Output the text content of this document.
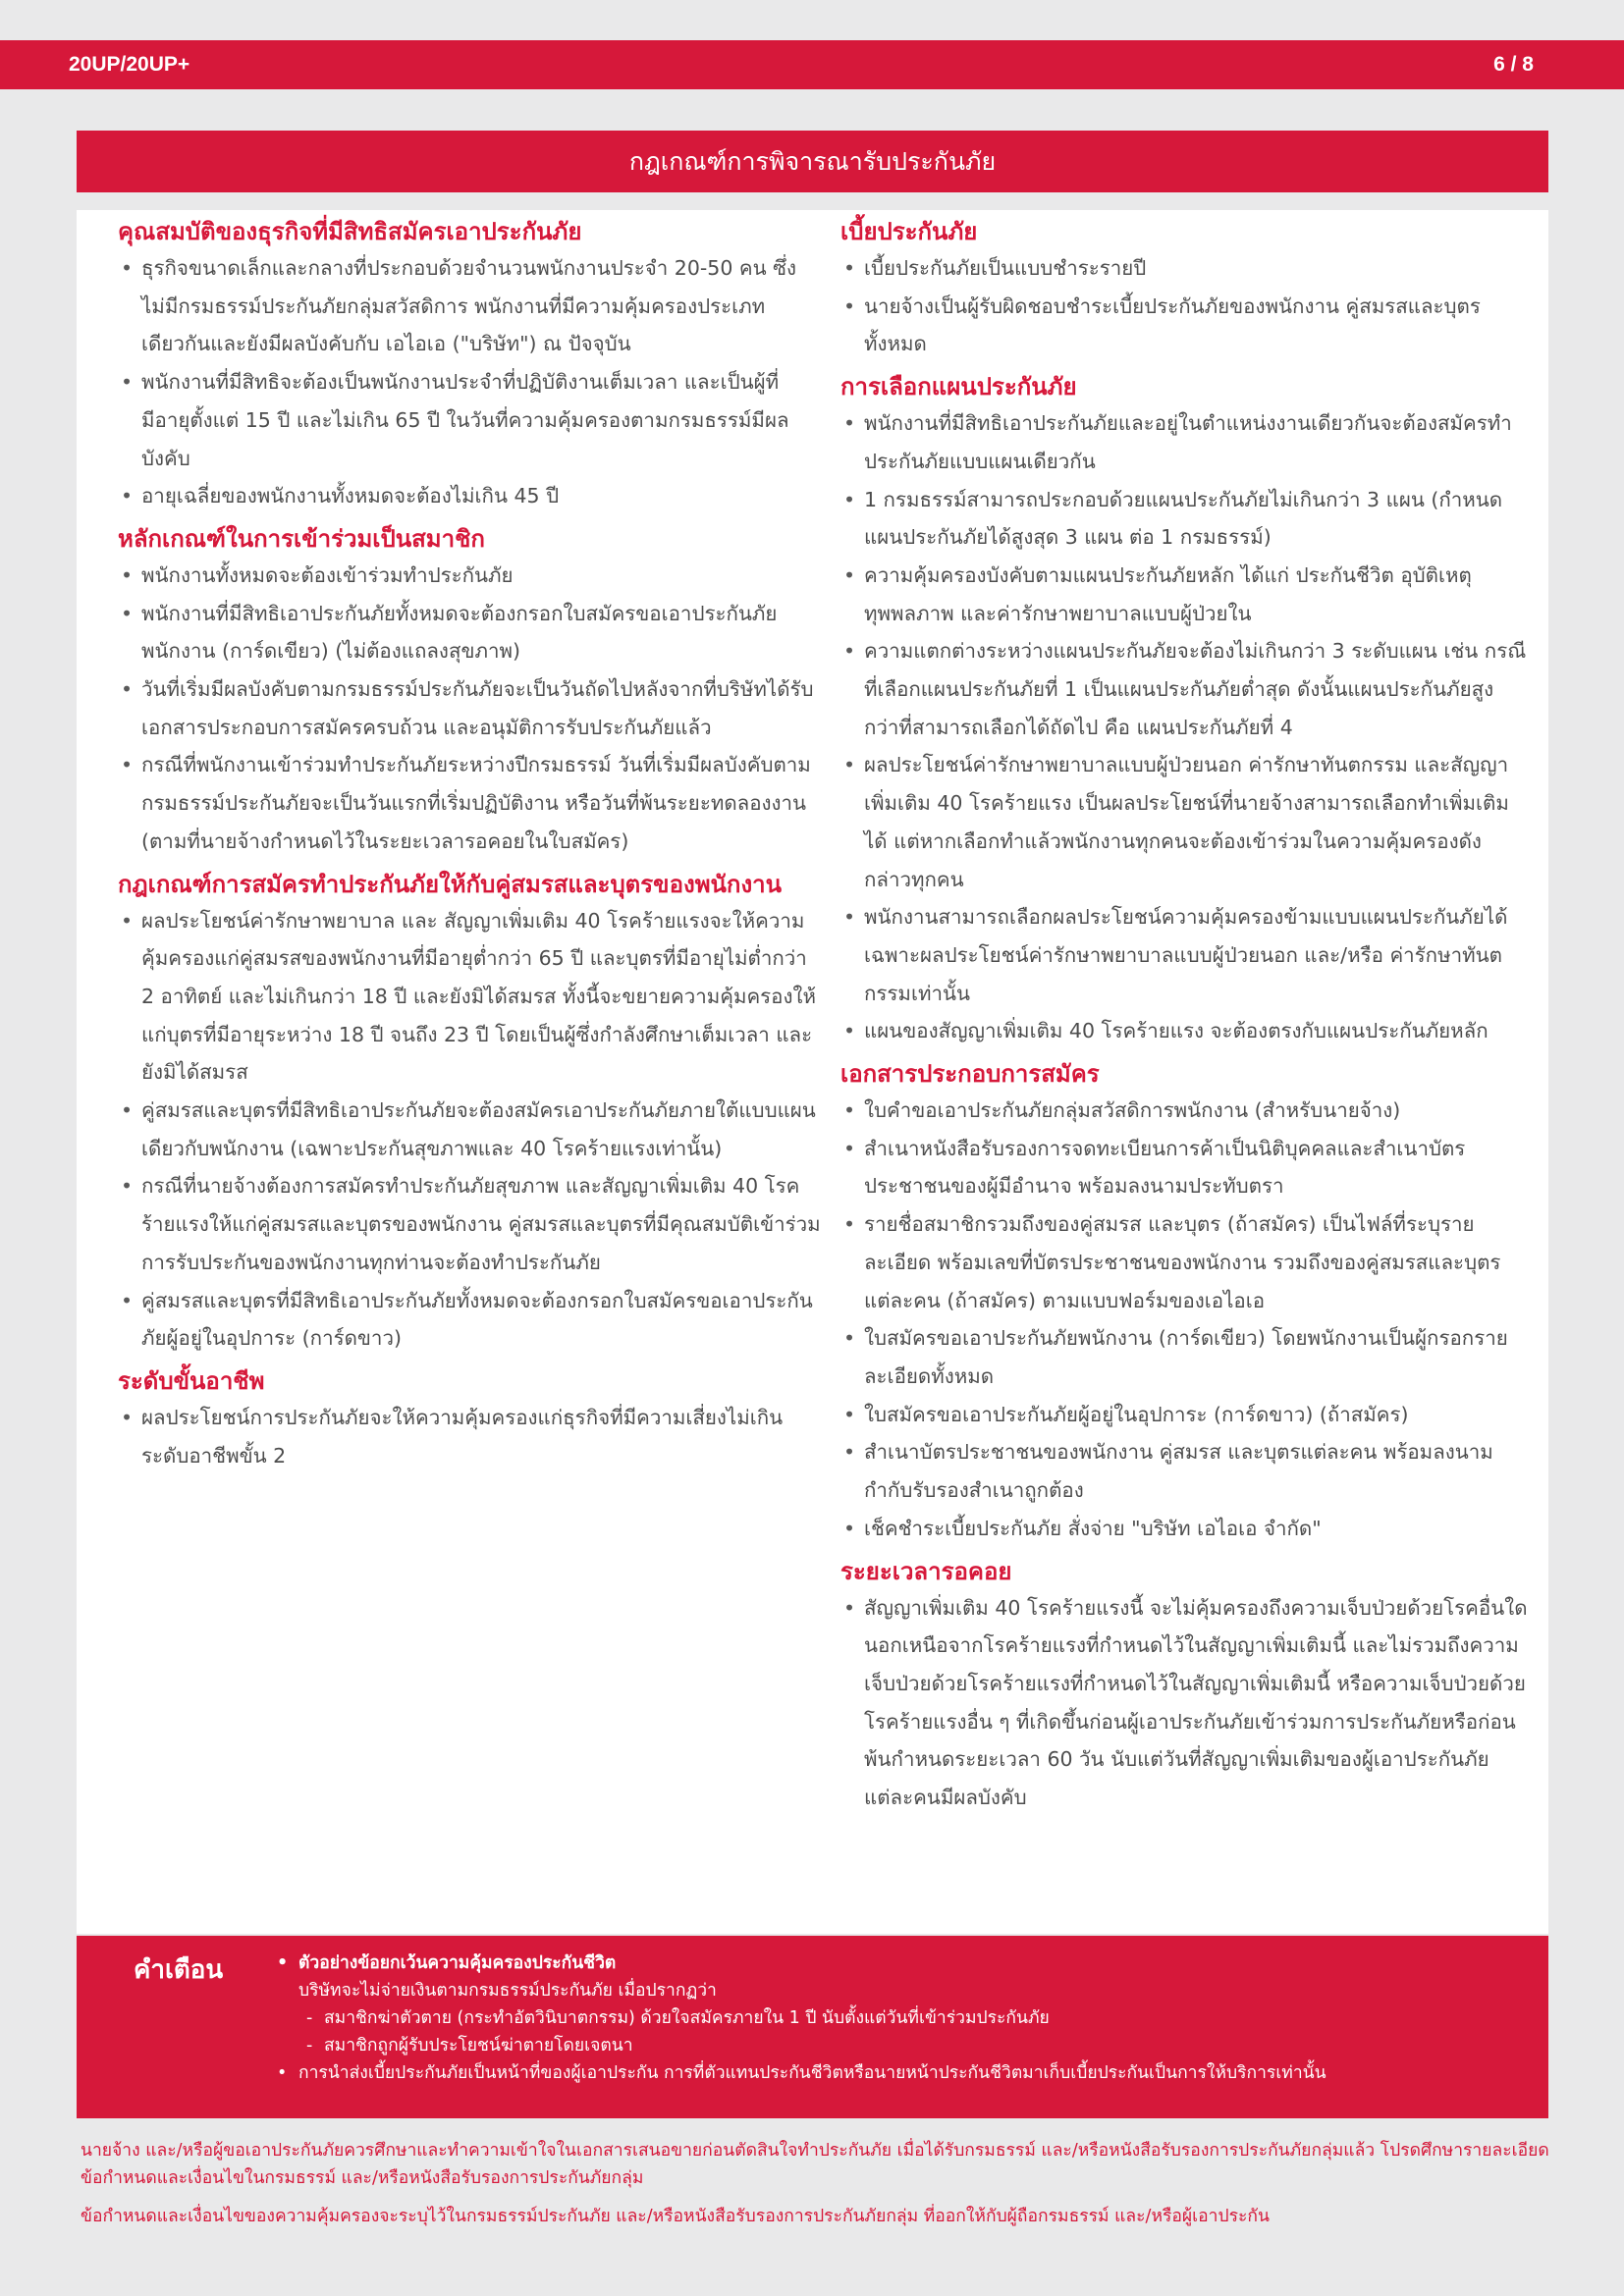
20UP/20UP+	6 / 8
กฎเกณฑ์การพิจารณารับประกันภัย
คุณสมบัติของธุรกิจที่มีสิทธิสมัครเอาประกันภัย
• ธุรกิจขนาดเล็กและกลางที่ประกอบด้วยจำนวนพนักงานประจำ 20-50 คน ซึ่งไม่มีกรมธรรม์ประกันภัยกลุ่มสวัสดิการ พนักงานที่มีความคุ้มครองประเภทเดียวกันและยังมีผลบังคับกับ เอไอเอ ("บริษัท") ณ ปัจจุบัน
• พนักงานที่มีสิทธิจะต้องเป็นพนักงานประจำที่ปฏิบัติงานเต็มเวลา และเป็นผู้ที่มีอายุตั้งแต่ 15 ปี และไม่เกิน 65 ปี ในวันที่ความคุ้มครองตามกรมธรรม์มีผลบังคับ
• อายุเฉลี่ยของพนักงานทั้งหมดจะต้องไม่เกิน 45 ปี
หลักเกณฑ์ในการเข้าร่วมเป็นสมาชิก
• พนักงานทั้งหมดจะต้องเข้าร่วมทำประกันภัย
• พนักงานที่มีสิทธิเอาประกันภัยทั้งหมดจะต้องกรอกใบสมัครขอเอาประกันภัยพนักงาน (การ์ดเขียว) (ไม่ต้องแถลงสุขภาพ)
• วันที่เริ่มมีผลบังคับตามกรมธรรม์ประกันภัยจะเป็นวันถัดไปหลังจากที่บริษัทได้รับเอกสารประกอบการสมัครครบถ้วน และอนุมัติการรับประกันภัยแล้ว
• กรณีที่พนักงานเข้าร่วมทำประกันภัยระหว่างปีกรมธรรม์ วันที่เริ่มมีผลบังคับตามกรมธรรม์ประกันภัยจะเป็นวันแรกที่เริ่มปฏิบัติงาน หรือวันที่พ้นระยะทดลองงาน (ตามที่นายจ้างกำหนดไว้ในระยะเวลารอคอยในใบสมัคร)
กฎเกณฑ์การสมัครทำประกันภัยให้กับคู่สมรสและบุตรของพนักงาน
• ผลประโยชน์ค่ารักษาพยาบาล และ สัญญาเพิ่มเติม 40 โรคร้ายแรงจะให้ความคุ้มครองแก่คู่สมรสของพนักงานที่มีอายุต่ำกว่า 65 ปี และบุตรที่มีอายุไม่ต่ำกว่า 2 อาทิตย์ และไม่เกินกว่า 18 ปี และยังมิได้สมรส ทั้งนี้จะขยายความคุ้มครองให้แก่บุตรที่มีอายุระหว่าง 18 ปี จนถึง 23 ปี โดยเป็นผู้ซึ่งกำลังศึกษาเต็มเวลา และยังมิได้สมรส
• คู่สมรสและบุตรที่มีสิทธิเอาประกันภัยจะต้องสมัครเอาประกันภัยภายใต้แบบแผนเดียวกับพนักงาน (เฉพาะประกันสุขภาพและ 40 โรคร้ายแรงเท่านั้น)
• กรณีที่นายจ้างต้องการสมัครทำประกันภัยสุขภาพ และสัญญาเพิ่มเติม 40 โรคร้ายแรงให้แก่คู่สมรสและบุตรของพนักงาน คู่สมรสและบุตรที่มีคุณสมบัติเข้าร่วมการรับประกันของพนักงานทุกท่านจะต้องทำประกันภัย
• คู่สมรสและบุตรที่มีสิทธิเอาประกันภัยทั้งหมดจะต้องกรอกใบสมัครขอเอาประกันภัยผู้อยู่ในอุปการะ (การ์ดขาว)
ระดับขั้นอาชีพ
• ผลประโยชน์การประกันภัยจะให้ความคุ้มครองแก่ธุรกิจที่มีความเสี่ยงไม่เกินระดับอาชีพขั้น 2
เบี้ยประกันภัย
• เบี้ยประกันภัยเป็นแบบชำระรายปี
• นายจ้างเป็นผู้รับผิดชอบชำระเบี้ยประกันภัยของพนักงาน คู่สมรสและบุตรทั้งหมด
การเลือกแผนประกันภัย
• พนักงานที่มีสิทธิเอาประกันภัยและอยู่ในตำแหน่งงานเดียวกันจะต้องสมัครทำประกันภัยแบบแผนเดียวกัน
• 1 กรมธรรม์สามารถประกอบด้วยแผนประกันภัยไม่เกินกว่า 3 แผน (กำหนดแผนประกันภัยได้สูงสุด 3 แผน ต่อ 1 กรมธรรม์)
• ความคุ้มครองบังคับตามแผนประกันภัยหลัก ได้แก่ ประกันชีวิต อุบัติเหตุ ทุพพลภาพ และค่ารักษาพยาบาลแบบผู้ป่วยใน
• ความแตกต่างระหว่างแผนประกันภัยจะต้องไม่เกินกว่า 3 ระดับแผน เช่น กรณีที่เลือกแผนประกันภัยที่ 1 เป็นแผนประกันภัยต่ำสุด ดังนั้นแผนประกันภัยสูงกว่าที่สามารถเลือกได้ถัดไป คือ แผนประกันภัยที่ 4
• ผลประโยชน์ค่ารักษาพยาบาลแบบผู้ป่วยนอก ค่ารักษาทันตกรรม และสัญญาเพิ่มเติม 40 โรคร้ายแรง เป็นผลประโยชน์ที่นายจ้างสามารถเลือกทำเพิ่มเติมได้ แต่หากเลือกทำแล้วพนักงานทุกคนจะต้องเข้าร่วมในความคุ้มครองดังกล่าวทุกคน
• พนักงานสามารถเลือกผลประโยชน์ความคุ้มครองข้ามแบบแผนประกันภัยได้เฉพาะผลประโยชน์ค่ารักษาพยาบาลแบบผู้ป่วยนอก และ/หรือ ค่ารักษาทันตกรรมเท่านั้น
• แผนของสัญญาเพิ่มเติม 40 โรคร้ายแรง จะต้องตรงกับแผนประกันภัยหลัก
เอกสารประกอบการสมัคร
• ใบคำขอเอาประกันภัยกลุ่มสวัสดิการพนักงาน (สำหรับนายจ้าง)
• สำเนาหนังสือรับรองการจดทะเบียนการค้าเป็นนิติบุคคลและสำเนาบัตรประชาชนของผู้มีอำนาจ พร้อมลงนามประทับตรา
• รายชื่อสมาชิกรวมถึงของคู่สมรส และบุตร (ถ้าสมัคร) เป็นไฟล์ที่ระบุรายละเอียด พร้อมเลขที่บัตรประชาชนของพนักงาน รวมถึงของคู่สมรสและบุตรแต่ละคน (ถ้าสมัคร) ตามแบบฟอร์มของเอไอเอ
• ใบสมัครขอเอาประกันภัยพนักงาน (การ์ดเขียว) โดยพนักงานเป็นผู้กรอกรายละเอียดทั้งหมด
• ใบสมัครขอเอาประกันภัยผู้อยู่ในอุปการะ (การ์ดขาว) (ถ้าสมัคร)
• สำเนาบัตรประชาชนของพนักงาน คู่สมรส และบุตรแต่ละคน พร้อมลงนามกำกับรับรองสำเนาถูกต้อง
• เช็คชำระเบี้ยประกันภัย สั่งจ่าย "บริษัท เอไอเอ จำกัด"
ระยะเวลารอคอย
• สัญญาเพิ่มเติม 40 โรคร้ายแรงนี้ จะไม่คุ้มครองถึงความเจ็บป่วยด้วยโรคอื่นใดนอกเหนือจากโรคร้ายแรงที่กำหนดไว้ในสัญญาเพิ่มเติมนี้ และไม่รวมถึงความเจ็บป่วยด้วยโรคร้ายแรงที่กำหนดไว้ในสัญญาเพิ่มเติมนี้ หรือความเจ็บป่วยด้วยโรคร้ายแรงอื่น ๆ ที่เกิดขึ้นก่อนผู้เอาประกันภัยเข้าร่วมการประกันภัยหรือก่อนพ้นกำหนดระยะเวลา 60 วัน นับแต่วันที่สัญญาเพิ่มเติมของผู้เอาประกันภัยแต่ละคนมีผลบังคับ
คำเตือน
•	ตัวอย่างข้อยกเว้นความคุ้มครองประกันชีวิต
บริษัทจะไม่จ่ายเงินตามกรมธรรม์ประกันภัย เมื่อปรากฏว่า
- สมาชิกฆ่าตัวตาย (กระทำอัตวินิบาตกรรม) ด้วยใจสมัครภายใน 1 ปี นับตั้งแต่วันที่เข้าร่วมประกันภัย
- สมาชิกถูกผู้รับประโยชน์ฆ่าตายโดยเจตนา
• การนำส่งเบี้ยประกันภัยเป็นหน้าที่ของผู้เอาประกัน การที่ตัวแทนประกันชีวิตหรือนายหน้าประกันชีวิตมาเก็บเบี้ยประกันเป็นการให้บริการเท่านั้น
นายจ้าง และ/หรือผู้ขอเอาประกันภัยควรศึกษาและทำความเข้าใจในเอกสารเสนอขายก่อนตัดสินใจทำประกันภัย เมื่อได้รับกรมธรรม์ และ/หรือหนังสือรับรองการประกันภัยกลุ่มแล้ว โปรดศึกษารายละเอียด ข้อกำหนดและเงื่อนไขในกรมธรรม์ และ/หรือหนังสือรับรองการประกันภัยกลุ่ม
ข้อกำหนดและเงื่อนไขของความคุ้มครองจะระบุไว้ในกรมธรรม์ประกันภัย และ/หรือหนังสือรับรองการประกันภัยกลุ่ม ที่ออกให้กับผู้ถือกรมธรรม์ และ/หรือผู้เอาประกัน
